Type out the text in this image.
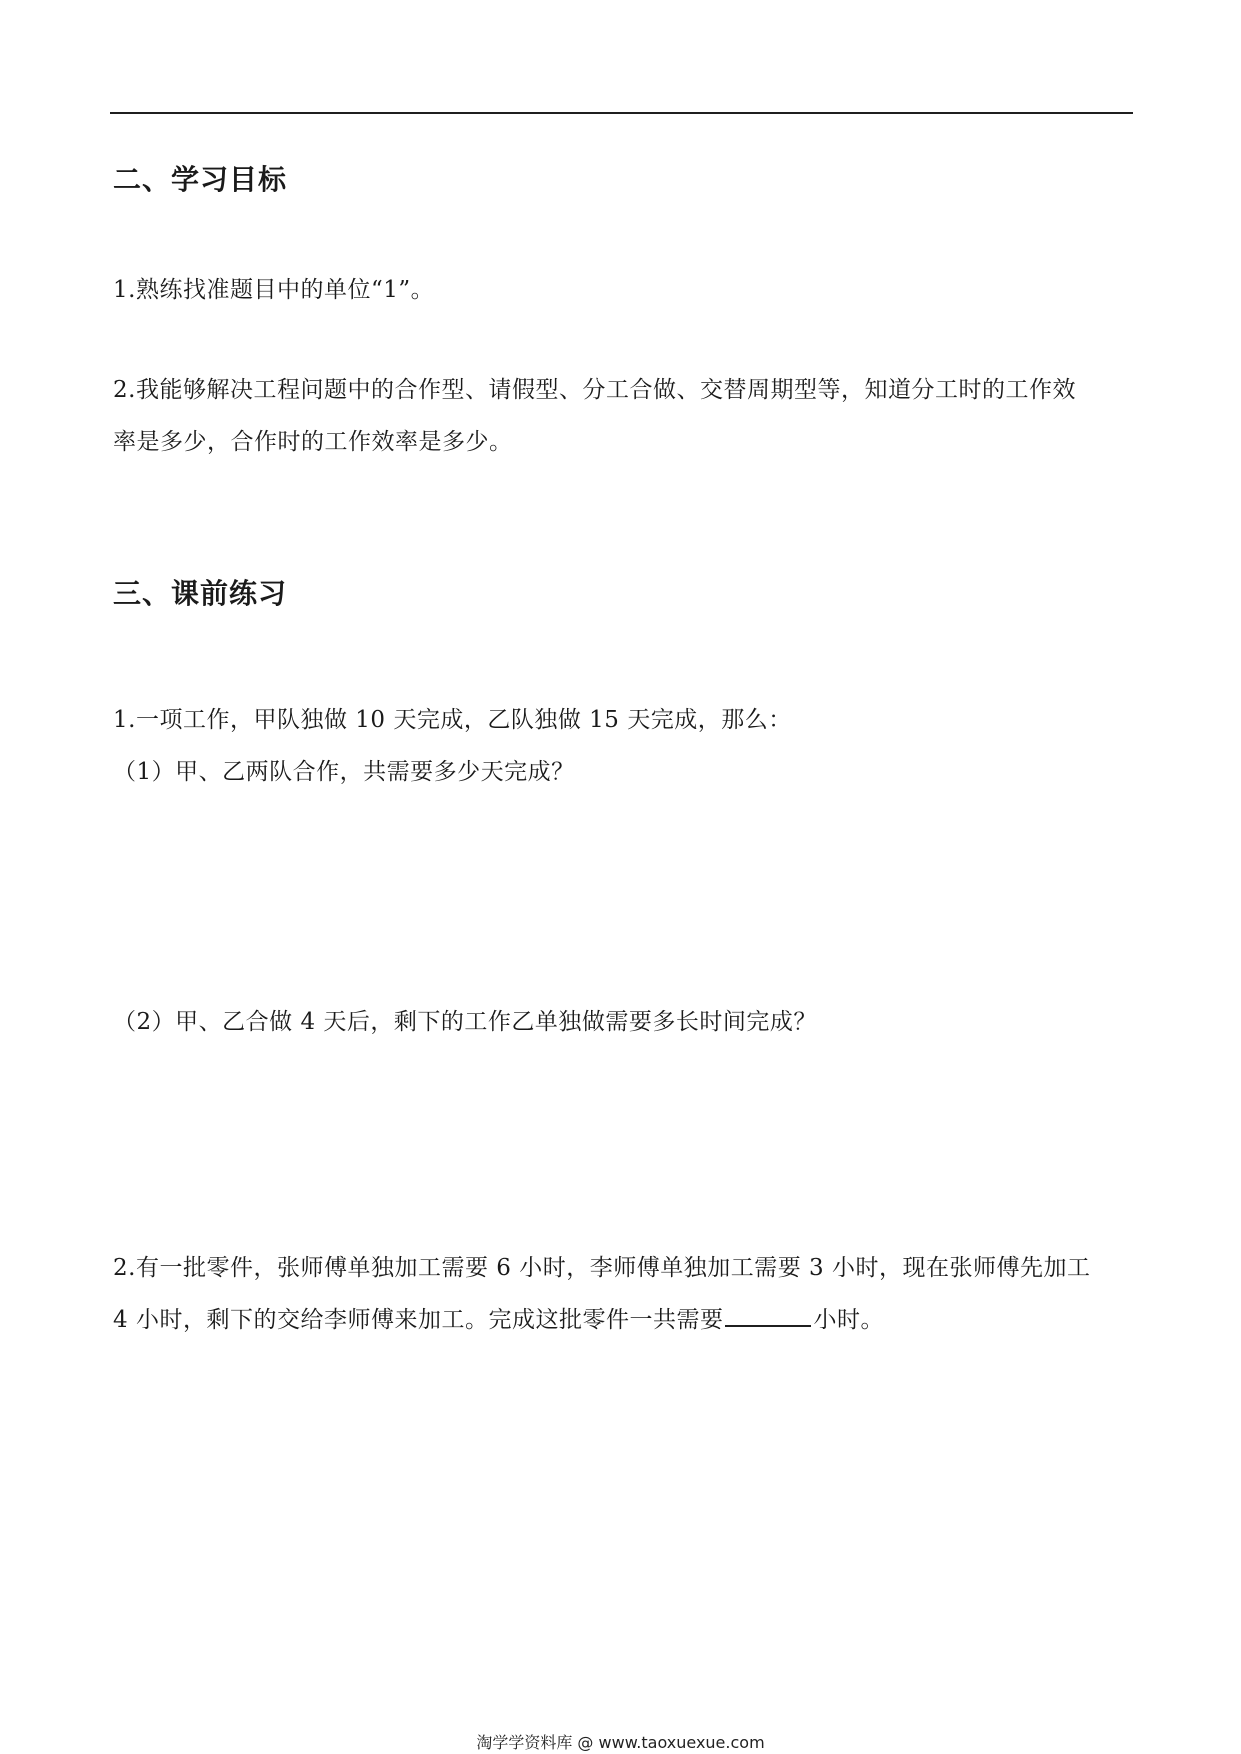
二、学习目标
1.熟练找准题目中的单位“1”。
2.我能够解决工程问题中的合作型、请假型、分工合做、交替周期型等，知道分工时的工作效
率是多少，合作时的工作效率是多少。
三、课前练习
1.一项工作，甲队独做 10 天完成，乙队独做 15 天完成，那么：
（1）甲、乙两队合作，共需要多少天完成？
（2）甲、乙合做 4 天后，剩下的工作乙单独做需要多长时间完成？
2.有一批零件，张师傅单独加工需要 6 小时，李师傅单独加工需要 3 小时，现在张师傅先加工
4 小时，剩下的交给李师傅来加工。完成这批零件一共需要	小时。
淘学学资料库 @ www.taoxuexue.com
